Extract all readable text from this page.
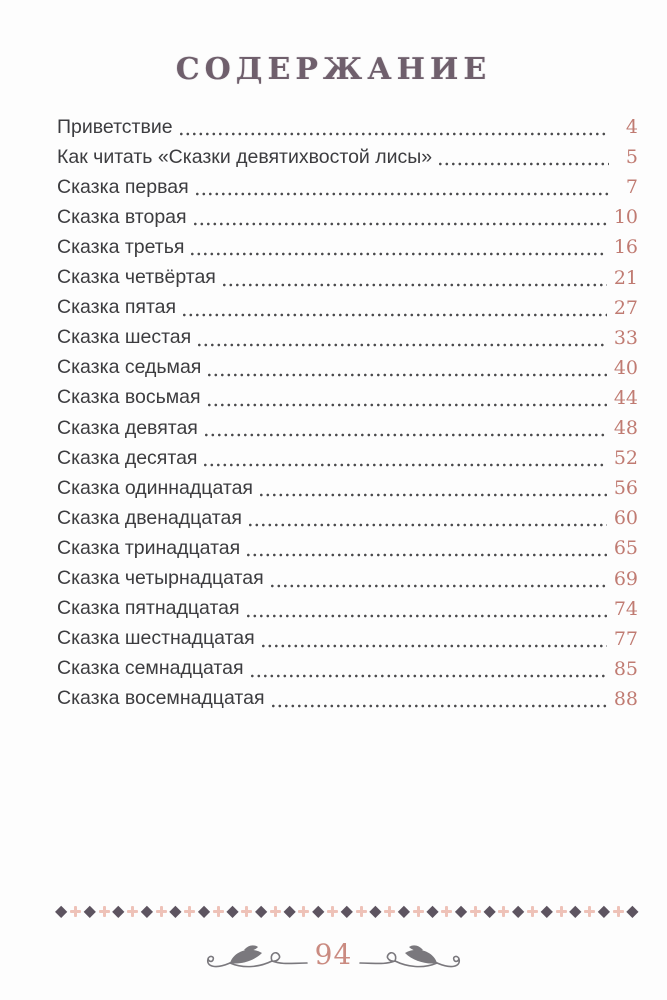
СОДЕРЖАНИЕ
Приветствие	4
Как читать «Сказки девятихвостой лисы»	5
Сказка первая	7
Сказка вторая	10
Сказка третья	16
Сказка четвёртая	21
Сказка пятая	27
Сказка шестая	33
Сказка седьмая	40
Сказка восьмая	44
Сказка девятая	48
Сказка десятая	52
Сказка одиннадцатая	56
Сказка двенадцатая	60
Сказка тринадцатая	65
Сказка четырнадцатая	69
Сказка пятнадцатая	74
Сказка шестнадцатая	77
Сказка семнадцатая	85
Сказка восемнадцатая	88
◆ ◆ ◆ ◆ ◆ ◆ ◆ ◆ ◆ ◆ ◆ ◆ ◆ ◆ ◆ ◆ ◆ ◆ ◆ ◆ ◆
94
